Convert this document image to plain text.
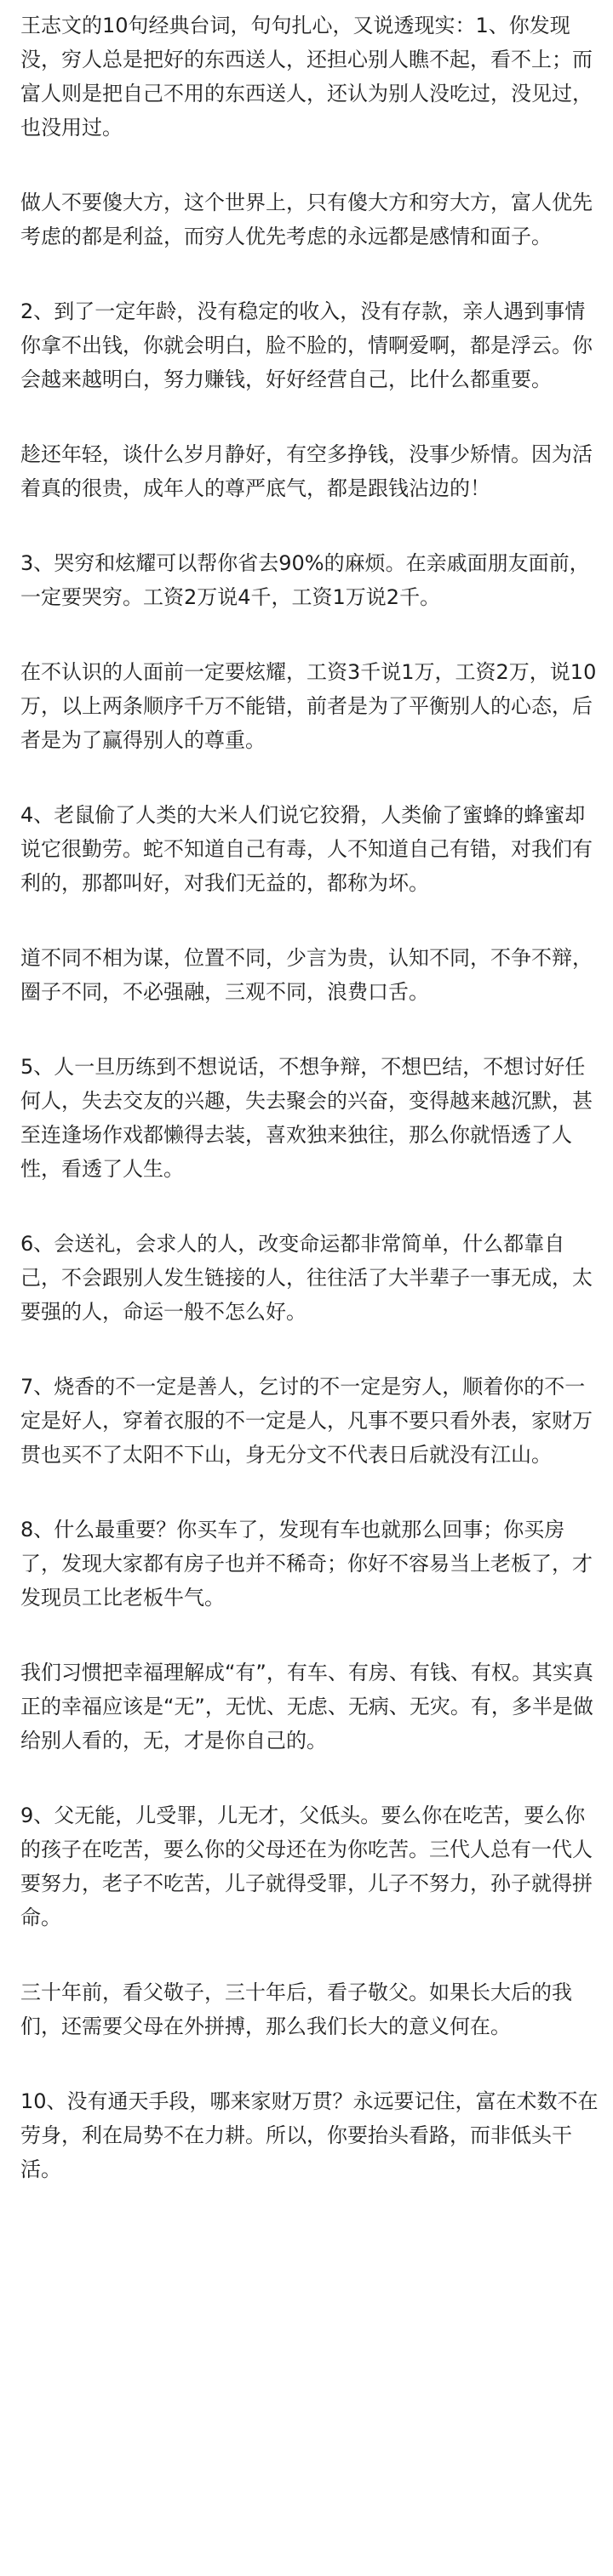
王志文的10句经典台词，句句扎心，又说透现实：1、你发现没，穷人总是把好的东西送人，还担心别人瞧不起，看不上；而富人则是把自己不用的东西送人，还认为别人没吃过，没见过，也没用过。

做人不要傻大方，这个世界上，只有傻大方和穷大方，富人优先考虑的都是利益，而穷人优先考虑的永远都是感情和面子。

2、到了一定年龄，没有稳定的收入，没有存款，亲人遇到事情你拿不出钱，你就会明白，脸不脸的，情啊爱啊，都是浮云。你会越来越明白，努力赚钱，好好经营自己，比什么都重要。

趁还年轻，谈什么岁月静好，有空多挣钱，没事少矫情。因为活着真的很贵，成年人的尊严底气，都是跟钱沾边的！

3、哭穷和炫耀可以帮你省去90%的麻烦。在亲戚面朋友面前，一定要哭穷。工资2万说4千，工资1万说2千。

在不认识的人面前一定要炫耀，工资3千说1万，工资2万，说10万，以上两条顺序千万不能错，前者是为了平衡别人的心态，后者是为了赢得别人的尊重。

4、老鼠偷了人类的大米人们说它狡猾，人类偷了蜜蜂的蜂蜜却说它很勤劳。蛇不知道自己有毒，人不知道自己有错，对我们有利的，那都叫好，对我们无益的，都称为坏。

道不同不相为谋，位置不同，少言为贵，认知不同，不争不辩，圈子不同，不必强融，三观不同，浪费口舌。

5、人一旦历练到不想说话，不想争辩，不想巴结，不想讨好任何人，失去交友的兴趣，失去聚会的兴奋，变得越来越沉默，甚至连逢场作戏都懒得去装，喜欢独来独往，那么你就悟透了人性，看透了人生。

6、会送礼，会求人的人，改变命运都非常简单，什么都靠自己，不会跟别人发生链接的人，往往活了大半辈子一事无成，太要强的人，命运一般不怎么好。

7、烧香的不一定是善人，乞讨的不一定是穷人，顺着你的不一定是好人，穿着衣服的不一定是人，凡事不要只看外表，家财万贯也买不了太阳不下山，身无分文不代表日后就没有江山。

8、什么最重要？你买车了，发现有车也就那么回事；你买房了，发现大家都有房子也并不稀奇；你好不容易当上老板了，才发现员工比老板牛气。

我们习惯把幸福理解成“有”，有车、有房、有钱、有权。其实真正的幸福应该是“无”，无忧、无虑、无病、无灾。有，多半是做给别人看的，无，才是你自己的。

9、父无能，儿受罪，儿无才，父低头。要么你在吃苦，要么你的孩子在吃苦，要么你的父母还在为你吃苦。三代人总有一代人要努力，老子不吃苦，儿子就得受罪，儿子不努力，孙子就得拼命。

三十年前，看父敬子，三十年后，看子敬父。如果长大后的我们，还需要父母在外拼搏，那么我们长大的意义何在。

10、没有通天手段，哪来家财万贯？永远要记住，富在术数不在劳身，利在局势不在力耕。所以，你要抬头看路，而非低头干活。
